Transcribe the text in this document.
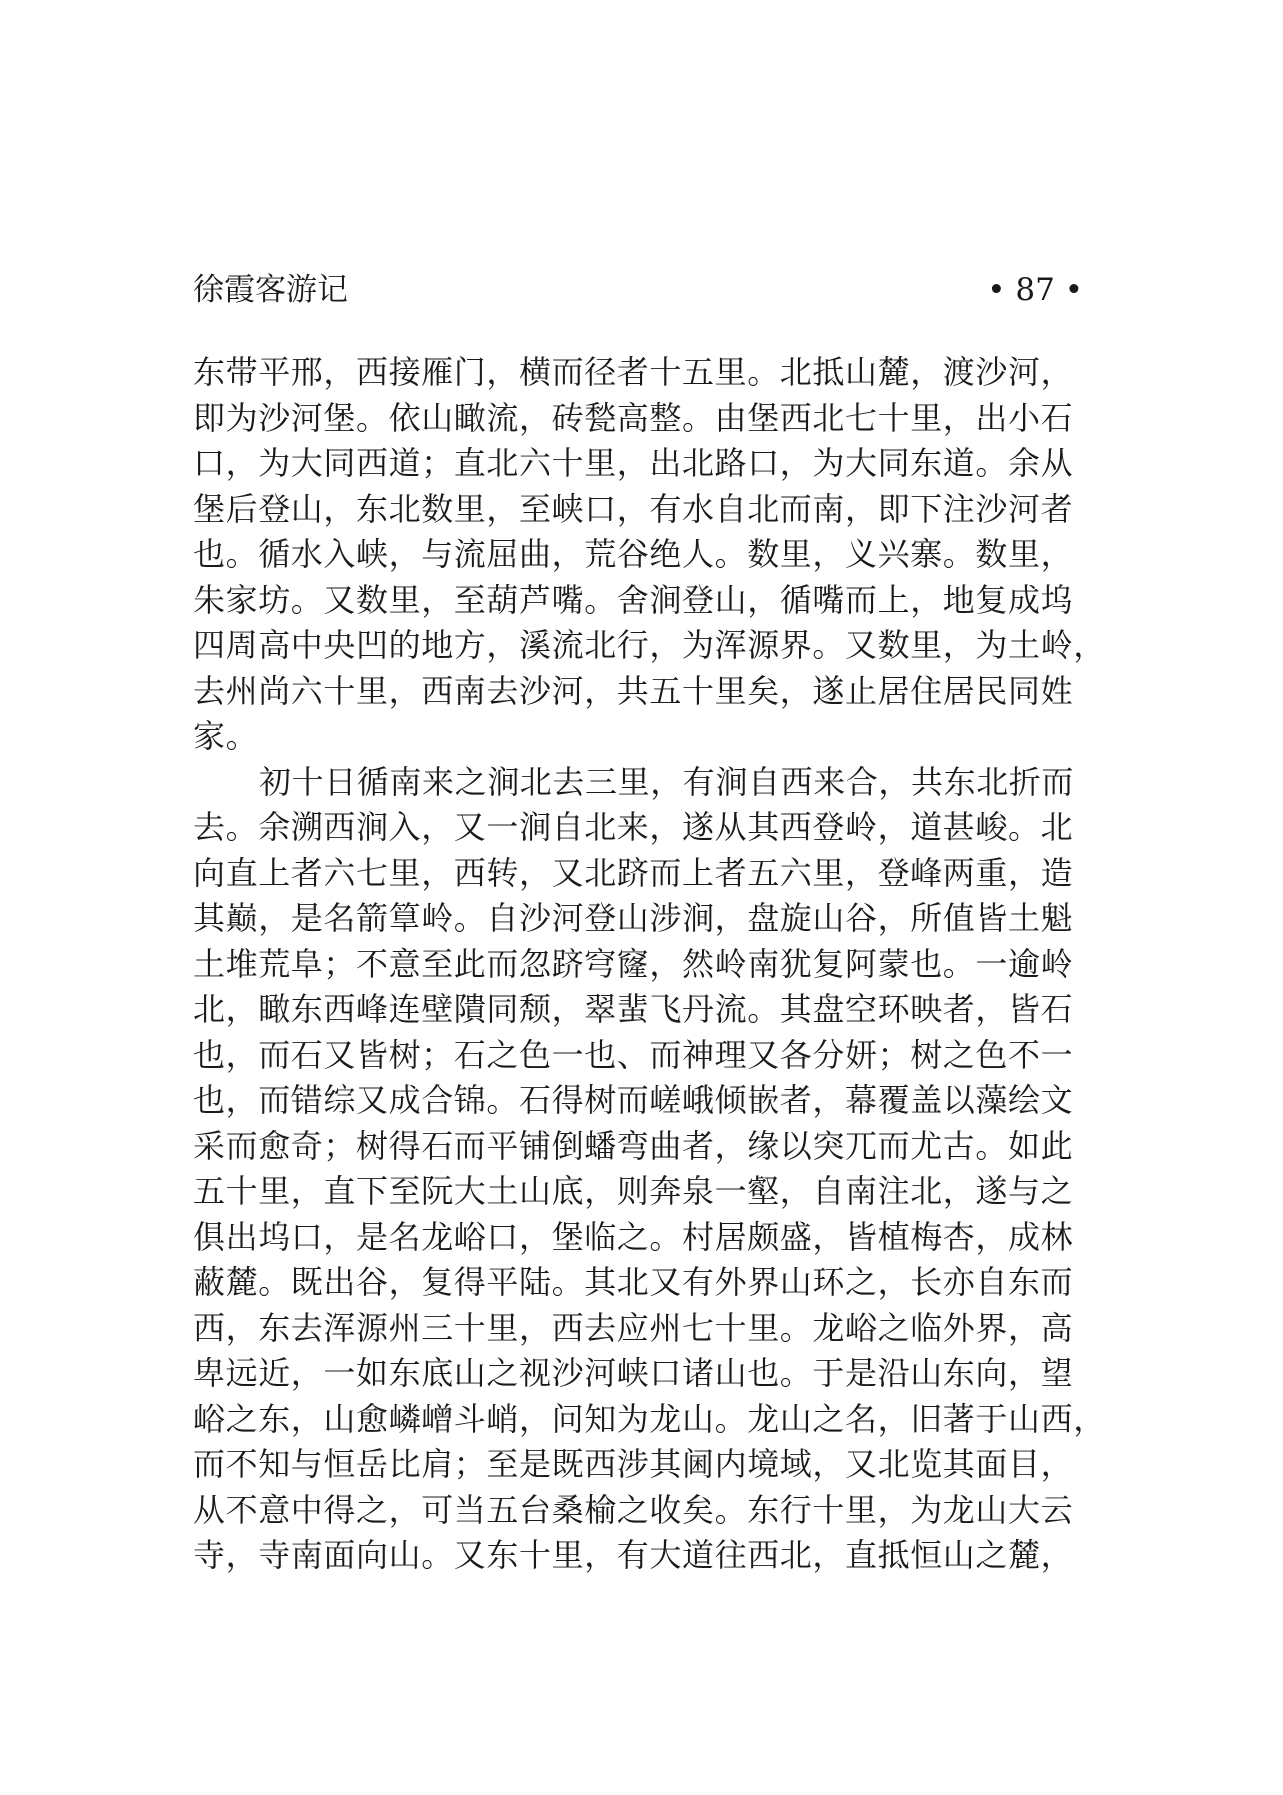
徐霞客游记	• 87 •
东带平邢，西接雁门，横而径者十五里。北抵山麓，渡沙河，
即为沙河堡。依山瞰流，砖甃高整。由堡西北七十里，出小石
口，为大同西道；直北六十里，出北路口，为大同东道。余从
堡后登山，东北数里，至峡口，有水自北而南，即下注沙河者
也。循水入峡，与流屈曲，荒谷绝人。数里，义兴寨。数里，
朱家坊。又数里，至葫芦嘴。舍涧登山，循嘴而上，地复成坞
四周高中央凹的地方，溪流北行，为浑源界。又数里，为土岭，
去州尚六十里，西南去沙河，共五十里矣，遂止居住居民同姓
家。
初十日循南来之涧北去三里，有涧自西来合，共东北折而
去。余溯西涧入，又一涧自北来，遂从其西登岭，道甚峻。北
向直上者六七里，西转，又北跻而上者五六里，登峰两重，造
其巅，是名箭筸岭。自沙河登山涉涧，盘旋山谷，所值皆土魁
土堆荒阜；不意至此而忽跻穹窿，然岭南犹复阿蒙也。一逾岭
北，瞰东西峰连壁隤同颓，翠蜚飞丹流。其盘空环映者，皆石
也，而石又皆树；石之色一也、而神理又各分妍；树之色不一
也，而错综又成合锦。石得树而嵯峨倾嵌者，幕覆盖以藻绘文
采而愈奇；树得石而平铺倒蟠弯曲者，缘以突兀而尤古。如此
五十里，直下至阮大土山底，则奔泉一壑，自南注北，遂与之
俱出坞口，是名龙峪口，堡临之。村居颇盛，皆植梅杏，成林
蔽麓。既出谷，复得平陆。其北又有外界山环之，长亦自东而
西，东去浑源州三十里，西去应州七十里。龙峪之临外界，高
卑远近，一如东底山之视沙河峡口诸山也。于是沿山东向，望
峪之东，山愈嶙嶒斗峭，问知为龙山。龙山之名，旧著于山西，
而不知与恒岳比肩；至是既西涉其阃内境域，又北览其面目，
从不意中得之，可当五台桑榆之收矣。东行十里，为龙山大云
寺，寺南面向山。又东十里，有大道往西北，直抵恒山之麓，
